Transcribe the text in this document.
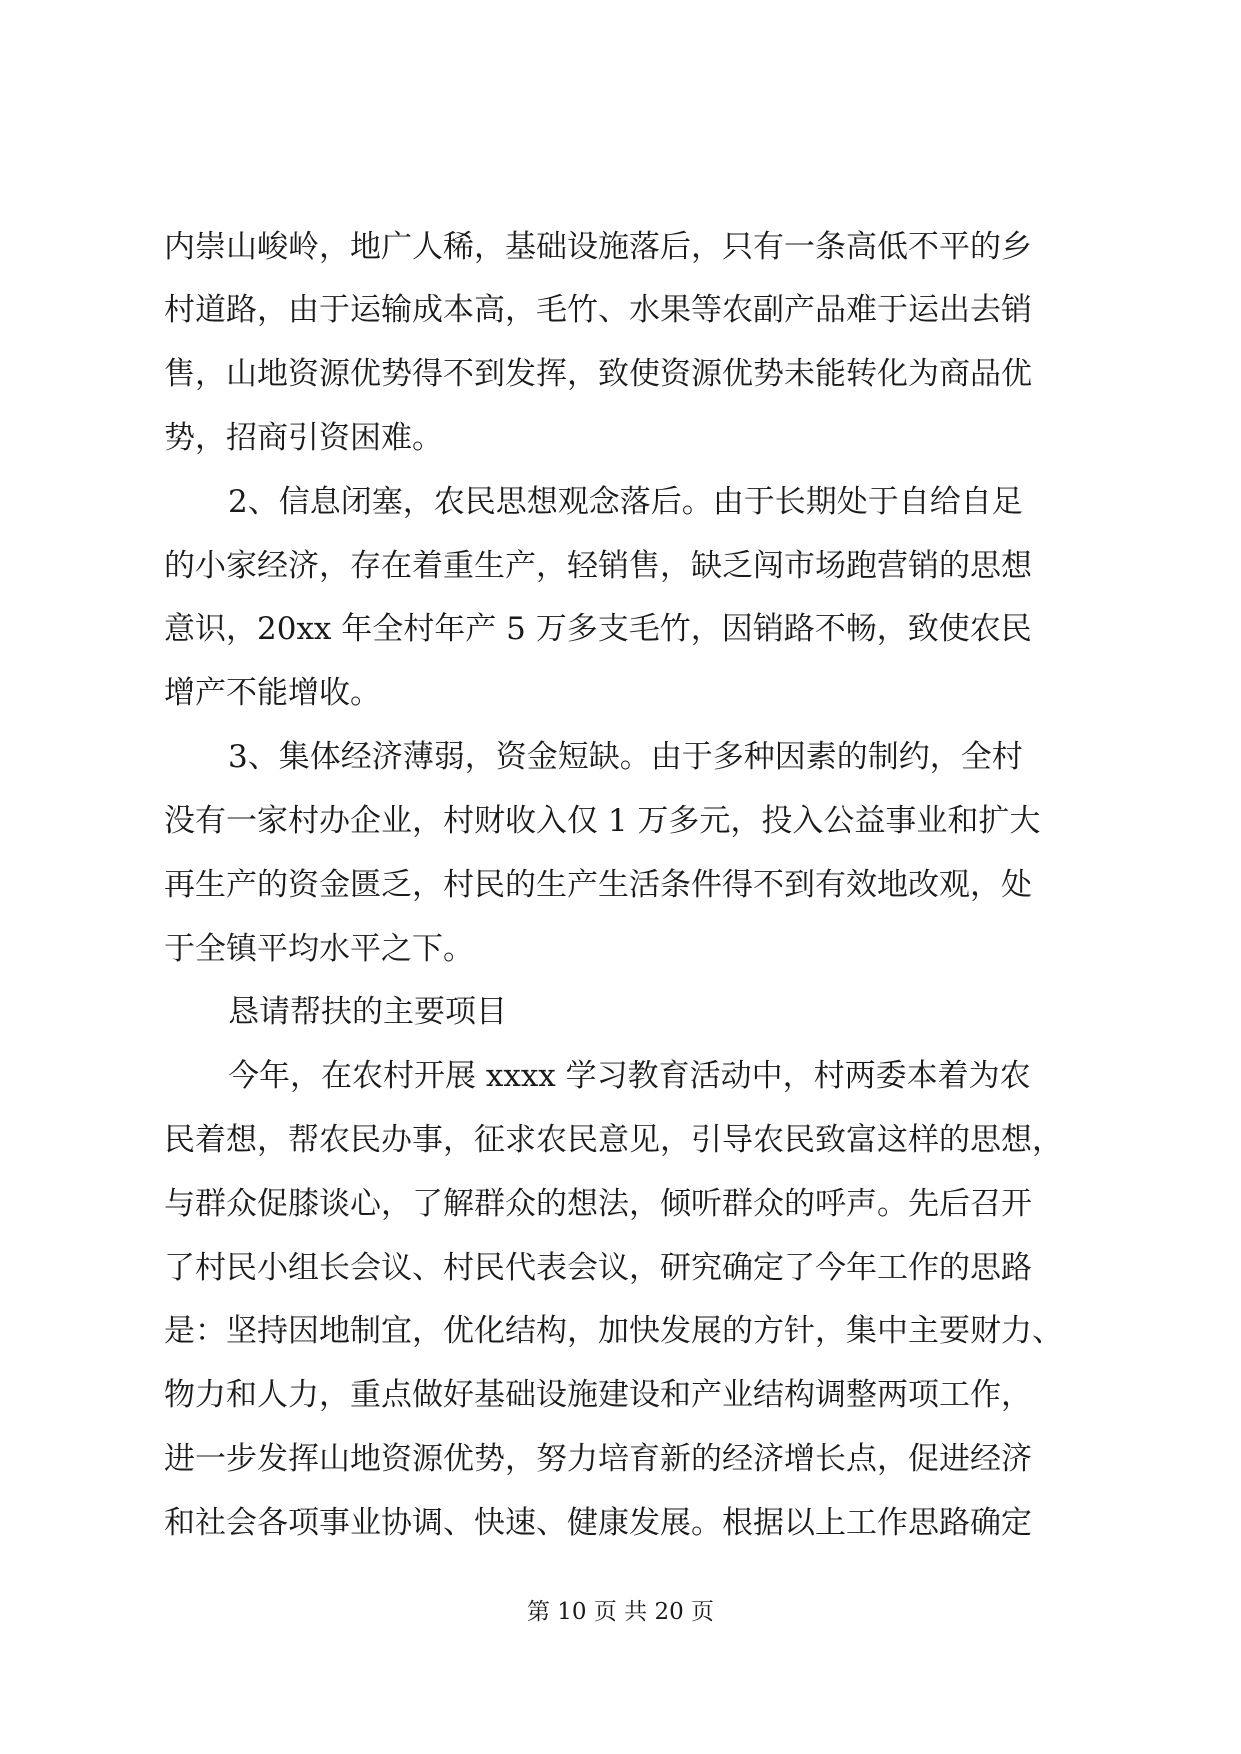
内崇山峻岭，地广人稀，基础设施落后，只有一条高低不平的乡
村道路，由于运输成本高，毛竹、水果等农副产品难于运出去销
售，山地资源优势得不到发挥，致使资源优势未能转化为商品优
势，招商引资困难。
2、信息闭塞，农民思想观念落后。由于长期处于自给自足
的小家经济，存在着重生产，轻销售，缺乏闯市场跑营销的思想
意识，20xx 年全村年产 5 万多支毛竹，因销路不畅，致使农民
增产不能增收。
3、集体经济薄弱，资金短缺。由于多种因素的制约，全村
没有一家村办企业，村财收入仅 1 万多元，投入公益事业和扩大
再生产的资金匮乏，村民的生产生活条件得不到有效地改观，处
于全镇平均水平之下。
恳请帮扶的主要项目
今年，在农村开展 xxxx 学习教育活动中，村两委本着为农
民着想，帮农民办事，征求农民意见，引导农民致富这样的思想，
与群众促膝谈心，了解群众的想法，倾听群众的呼声。先后召开
了村民小组长会议、村民代表会议，研究确定了今年工作的思路
是：坚持因地制宜，优化结构，加快发展的方针，集中主要财力、
物力和人力，重点做好基础设施建设和产业结构调整两项工作，
进一步发挥山地资源优势，努力培育新的经济增长点，促进经济
和社会各项事业协调、快速、健康发展。根据以上工作思路确定
第 10 页 共 20 页
